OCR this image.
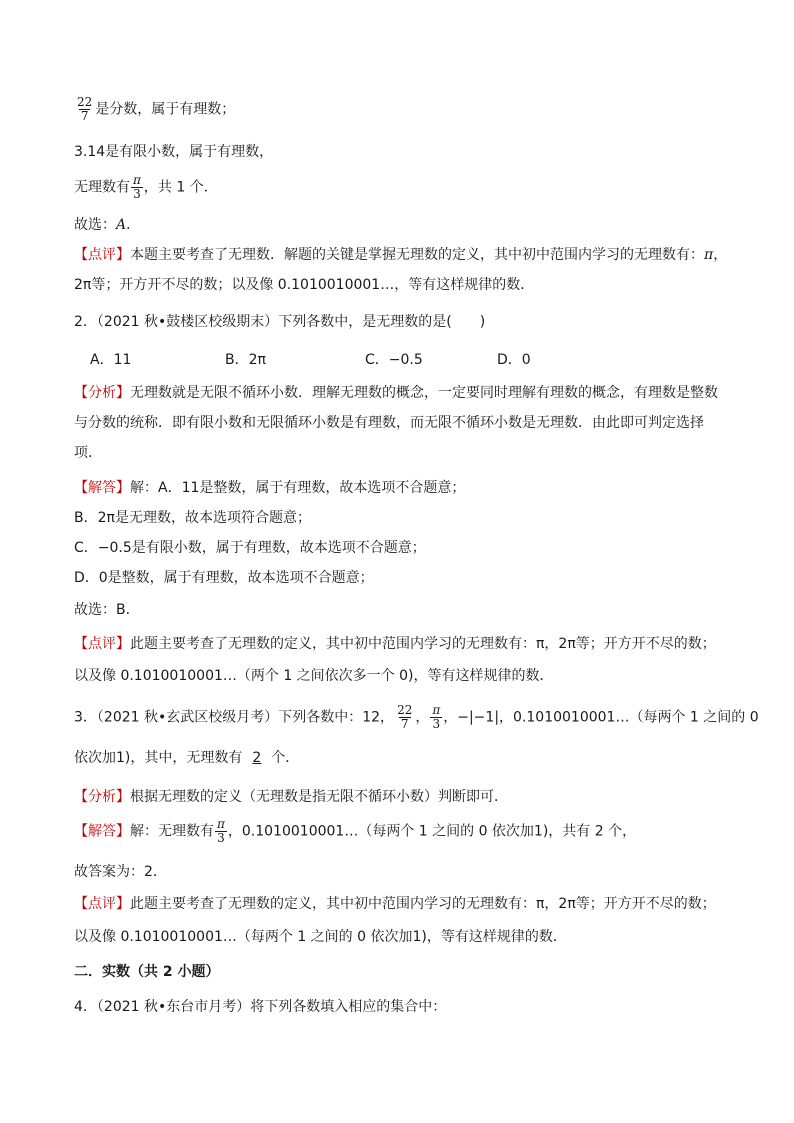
$\frac{22}{7}$ 是分数，属于有理数；
3.14是有限小数，属于有理数，
无理数有 $\frac{\pi}{3}$ ，共 1 个．
故选：A．
【点评】本题主要考查了无理数．解题的关键是掌握无理数的定义，其中初中范围内学习的无理数有：π，
2π等；开方开不尽的数；以及像 0.1010010001…，等有这样规律的数．
2．（2021 秋•鼓楼区校级期末）下列各数中，是无理数的是(　　)
A．11	B．2π	C．−0.5	D．0
【分析】无理数就是无限不循环小数．理解无理数的概念，一定要同时理解有理数的概念，有理数是整数
与分数的统称．即有限小数和无限循环小数是有理数，而无限不循环小数是无理数．由此即可判定选择
项．
【解答】解：A．11是整数，属于有理数，故本选项不合题意；
B．2π是无理数，故本选项符合题意；
C．−0.5是有限小数，属于有理数，故本选项不合题意；
D．0是整数，属于有理数，故本选项不合题意；
故选：B．
【点评】此题主要考查了无理数的定义，其中初中范围内学习的无理数有：π，2π等；开方开不尽的数；
以及像 0.1010010001…（两个 1 之间依次多一个 0)，等有这样规律的数．
3．（2021 秋•玄武区校级月考）下列各数中：12， $\frac{22}{7}$ ， $\frac{\pi}{3}$ ，−|−1|，0.1010010001…（每两个 1 之间的 0
依次加1)，其中，无理数有 2 个．
【分析】根据无理数的定义（无理数是指无限不循环小数）判断即可．
【解答】解：无理数有 $\frac{\pi}{3}$ ，0.1010010001…（每两个 1 之间的 0 依次加1)，共有 2 个，
故答案为：2．
【点评】此题主要考查了无理数的定义，其中初中范围内学习的无理数有：π，2π等；开方开不尽的数；
以及像 0.1010010001…（每两个 1 之间的 0 依次加1)，等有这样规律的数．
二．实数（共 2 小题）
4．（2021 秋•东台市月考）将下列各数填入相应的集合中：
